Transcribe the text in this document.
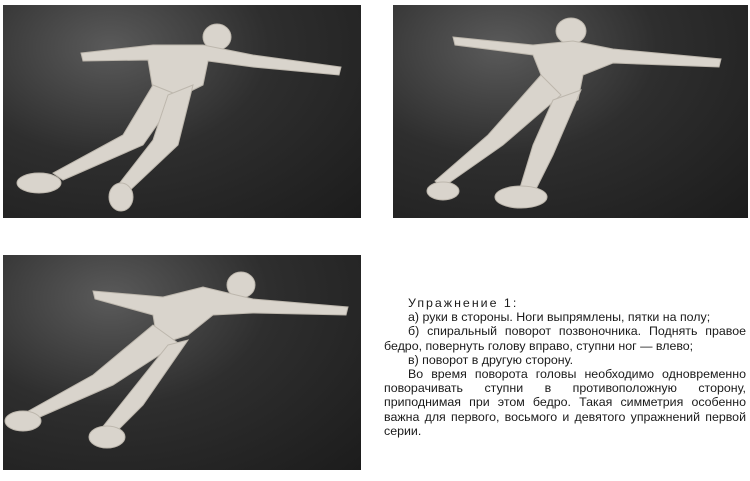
Упражнение 1:

а) руки в стороны. Ноги выпрямлены, пятки на полу;

б) спиральный поворот позвоночника. Поднять правое бедро, повернуть голову вправо, ступни ног — влево;

в) поворот в другую сторону.

Во время поворота головы необходимо одновременно поворачивать ступни в противоположную сторону, приподнимая при этом бедро. Такая симметрия особенно важна для первого, восьмого и девятого упражнений первой серии.
